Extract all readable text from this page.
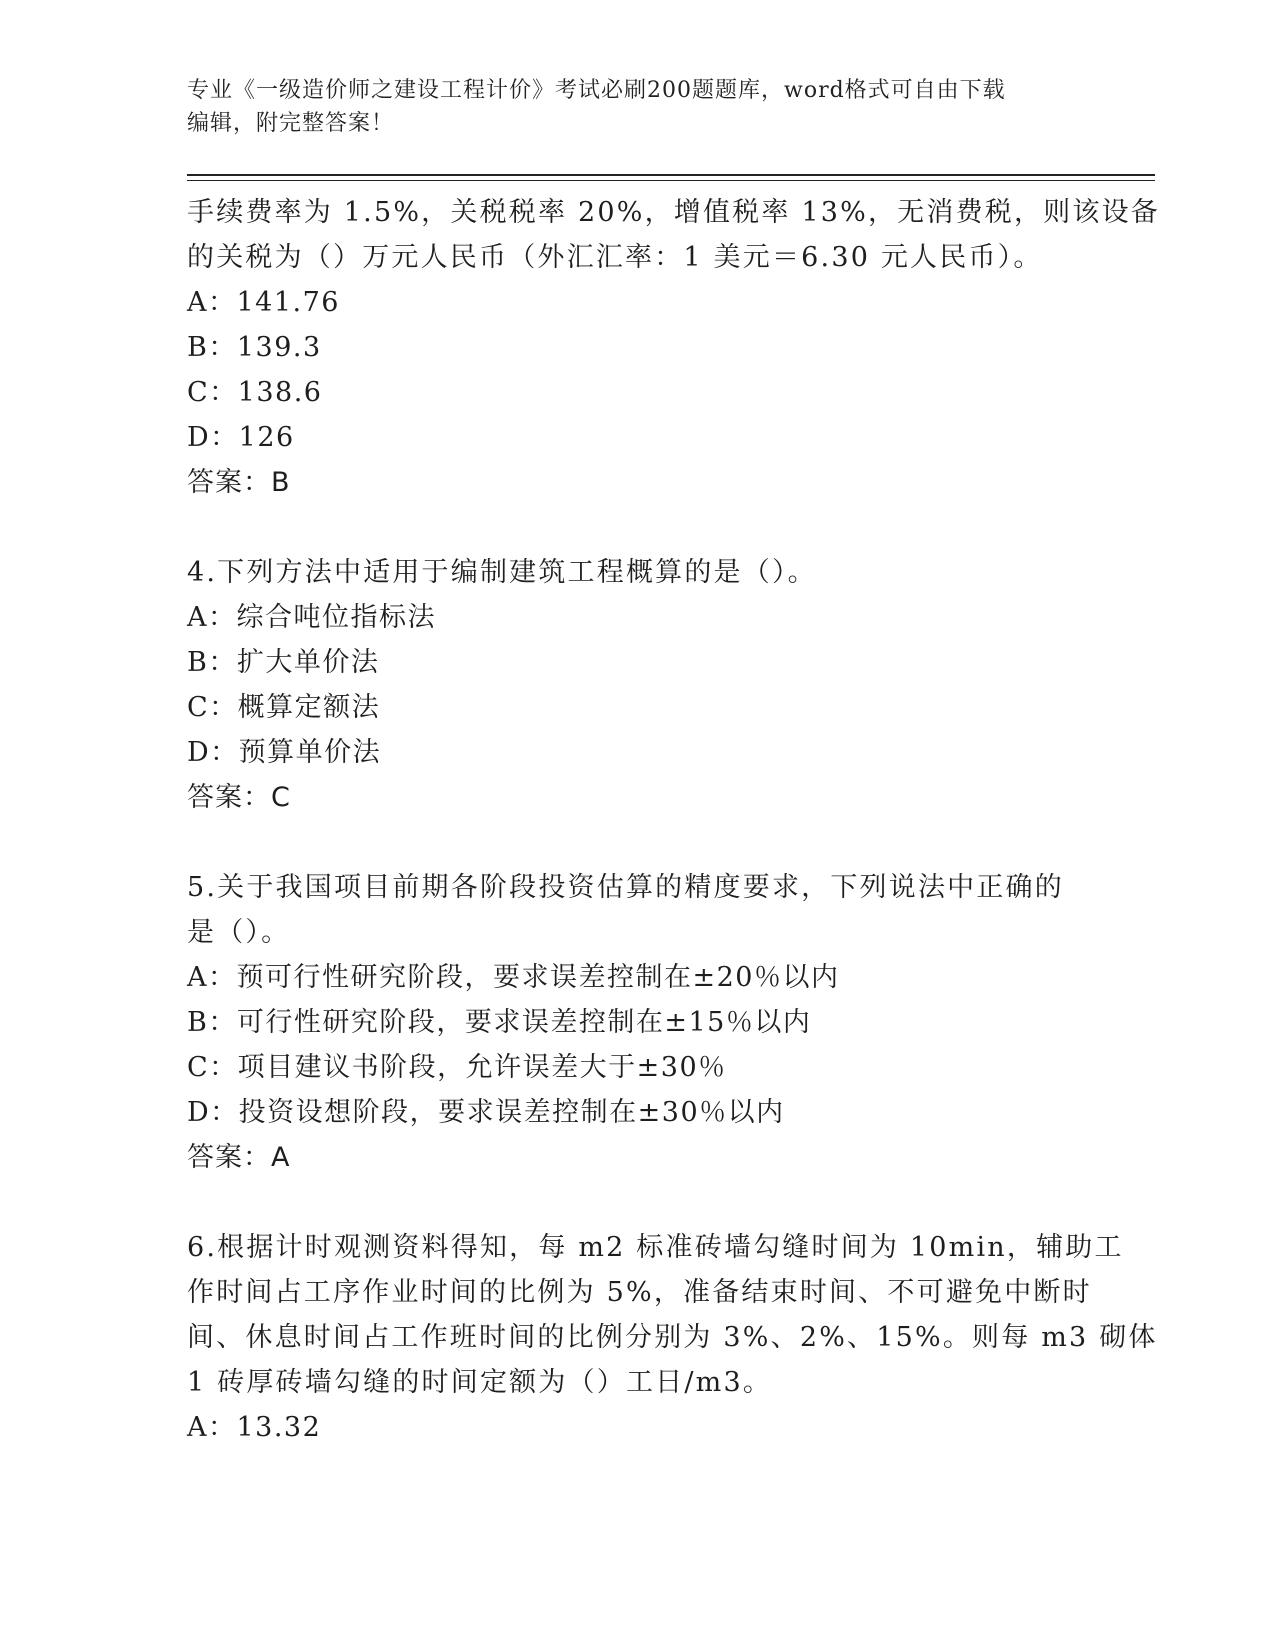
专业《一级造价师之建设工程计价》考试必刷200题题库，word格式可自由下载
编辑，附完整答案！
手续费率为 1.5%，关税税率 20%，增值税率 13%，无消费税，则该设备
的关税为（）万元人民币（外汇汇率：1 美元＝6.30 元人民币）。
A：141.76
B：139.3
C：138.6
D：126
答案：B
4.下列方法中适用于编制建筑工程概算的是（）。
A：综合吨位指标法
B：扩大单价法
C：概算定额法
D：预算单价法
答案：C
5.关于我国项目前期各阶段投资估算的精度要求，下列说法中正确的
是（）。
A：预可行性研究阶段，要求误差控制在±20％以内
B：可行性研究阶段，要求误差控制在±15％以内
C：项目建议书阶段，允许误差大于±30％
D：投资设想阶段，要求误差控制在±30％以内
答案：A
6.根据计时观测资料得知，每 m2 标准砖墙勾缝时间为 10min，辅助工
作时间占工序作业时间的比例为 5%，准备结束时间、不可避免中断时
间、休息时间占工作班时间的比例分别为 3%、2%、15%。则每 m3 砌体
1 砖厚砖墙勾缝的时间定额为（）工日/m3。
A：13.32
